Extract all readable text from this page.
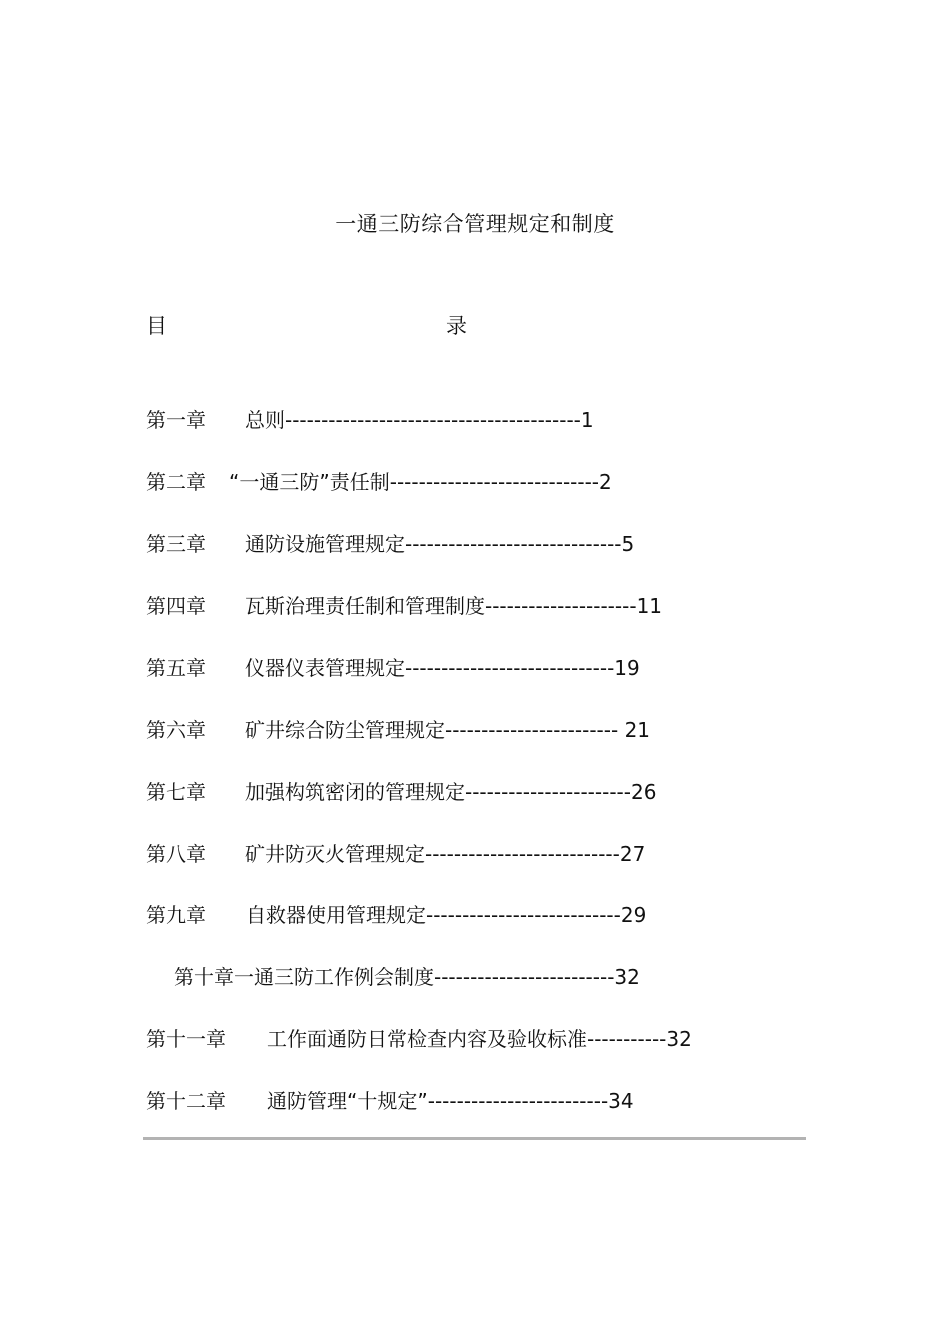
一通三防综合管理规定和制度
目	录
第一章 总则-----------------------------------------1
第二章 “一通三防”责任制-----------------------------2
第三章 通防设施管理规定------------------------------5
第四章 瓦斯治理责任制和管理制度---------------------11
第五章 仪器仪表管理规定-----------------------------19
第六章 矿井综合防尘管理规定------------------------ 21
第七章 加强构筑密闭的管理规定-----------------------26
第八章 矿井防灭火管理规定---------------------------27
第九章 自救器使用管理规定---------------------------29
第十章一通三防工作例会制度-------------------------32
第十一章 工作面通防日常检查内容及验收标准-----------32
第十二章 通防管理“十规定”-------------------------34
